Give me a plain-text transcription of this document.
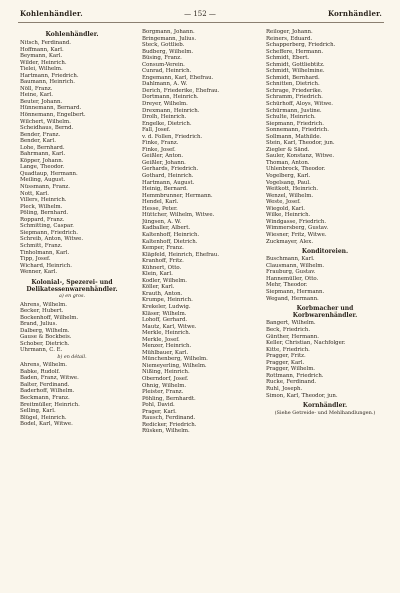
Kohlenhändler.	— 152 —	Kornhändler.
Kohlenhändler.
Nitsch, Ferdinand.
Hoffmann, Karl.
Beymann, Karl.
Wilder, Heinrich.
Tielei, Wilhelm.
Hartmann, Friedrich.
Baumann, Heinrich.
Nöll, Franz.
Heine, Karl.
Beuter, Johann.
Hünnemann, Bernard.
Hönnemann, Engelbert.
Wilchert, Wilhelm.
Scheidhaus, Bernd.
Bender, Franz.
Bender, Karl.
Lohe, Bernhard.
Bahrmann, Karl.
Köpper, Johann.
Lange, Theodor.
Quadtaup, Hermann.
Meiling, August.
Nüssmann, Franz.
Nott, Karl.
Villers, Heinrich.
Pleck, Wilhelm.
Pöling, Bernhard.
Roppard, Franz.
Schmitting, Caspar.
Siepmann, Friedrich.
Schreib, Anton, Witwe.
Schmitt, Franz.
Tinholmann, Karl.
Tipp, Josef.
Wichard, Heinrich.
Wenner, Karl.
Kolonial-, Spezerei- und Delikatessenwarenhändler.
a) en gros.
Ahrens, Wilhelm.
Becker, Hubert.
Bockenhoff, Wilhelm.
Brand, Julius.
Dalberg, Wilhelm.
Gause & Bockbeis.
Schober, Dietrich.
Uhrmann, C. E.
b) en détail.
Ahrens, Wilhelm.
Babke, Rudolf.
Baden, Franz, Witwe.
Balter, Ferdinand.
Baderhoff, Wilhelm.
Beckmann, Franz.
Breitmüller, Heinrich.
Selling, Karl.
Blügel, Heinrich.
Bodel, Karl, Witwe.
Borgmann, Johann.
Bringemann, Julius.
Steck, Gottlieb.
Budberg, Wilhelm.
Büsing, Franz.
Consum-Verein.
Cunrad, Heinrich.
Engemann, Karl, Ehefrau.
Dahlmann, A. W.
Derich, Friederike, Ehefrau.
Dortmann, Heinrich.
Dreyer, Wilhelm.
Drexmann, Heinrich.
Drolh, Heinrich.
Engelke, Dietrich.
Fall, Josef.
v. d. Follen, Friedrich.
Finke, Franz.
Finke, Josef.
Geißler, Anton.
Geißler, Johann.
Gerhards, Friedrich.
Gothard, Heinrich.
Hartmann, August.
Heinig, Bernard.
Hemmbrunner, Hermann.
Hendel, Karl.
Hesse, Peter.
Hüttcher, Wilhelm, Witwe.
Jüngsen, A. W.
Kadballer, Albert.
Kaltenhoff, Heinrich.
Kaltenhoff, Dietrich.
Kemper, Franz.
Kläpfeld, Heinrich, Ehefrau.
Kranhoff, Fritz.
Kühnert, Otto.
Klein, Karl.
Kodler, Wilhelm.
Köller, Karl.
Krauth, Anton.
Krumpe, Heinrich.
Krekeler, Ludwig.
Kläser, Wilhelm.
Lohoff, Gerhard.
Mautz, Karl, Witwe.
Merkle, Heinrich.
Merkle, Josef.
Menzer, Heinrich.
Mühlbauer, Karl.
Münchenberg, Wilhelm.
Niemeyerling, Wilhelm.
Nißing, Heinrich.
Oberndorf, Josef.
Ohnig, Wilhelm.
Pleister, Franz.
Pöhling, Bernhardt.
Pohl, David.
Prager, Karl.
Rausch, Ferdinand.
Redicker, Friedrich.
Rüsken, Wilhelm.
Reiloger, Johann.
Reiners, Eduard.
Schapperberg, Friedrich.
Scheffere, Hermann.
Schmidt, Ebert.
Schmidt, Gottliebtitz.
Schmidt, Wilhelmine.
Schmidt, Bernhard.
Schnitten, Dietrich.
Schrage, Friederike.
Schramm, Friedrich.
Schürhoff, Aloys, Witwe.
Schürmann, Justine.
Schulte, Heinrich.
Siepmann, Friedrich.
Sonnemann, Friedrich.
Sollmann, Mathilde.
Stein, Karl, Theodor, jun.
Ziegler & Sänd.
Sauler, Konstanz, Witwe.
Thoman, Anton.
Uhlenbrock, Theodor.
Vogelberg, Karl.
Vogelsang, Paul.
Weitkott, Heinrich.
Wenzel, Wilhelm.
Weste, Josef.
Wiegold, Karl.
Wilke, Heinrich.
Windgasse, Friedrich.
Wimmersberg, Gustav.
Wiesner, Fritz, Witwe.
Zuckmayer, Alex.
Konditoreien.
Buschmann, Karl.
Clausmann, Wilhelm.
Frauburg, Gustav.
Hannemüller, Otto.
Mehr, Theodor.
Siepmann, Hermann.
Wegand, Hermann.
Korbmacher und Korbwarenhändler.
Bangert, Wilhelm.
Beck, Friedrich.
Günther, Hermann.
Keller, Christian, Nachfolger.
Kitte, Friedrich.
Pragger, Fritz.
Pragger, Karl.
Pragger, Wilhelm.
Rottmann, Friedrich.
Rucke, Ferdinand.
Ruhl, Joseph.
Simon, Karl, Theodor, jun.
Kornhändler.
(Siehe Getreide- und Mehlhandlungen.)
